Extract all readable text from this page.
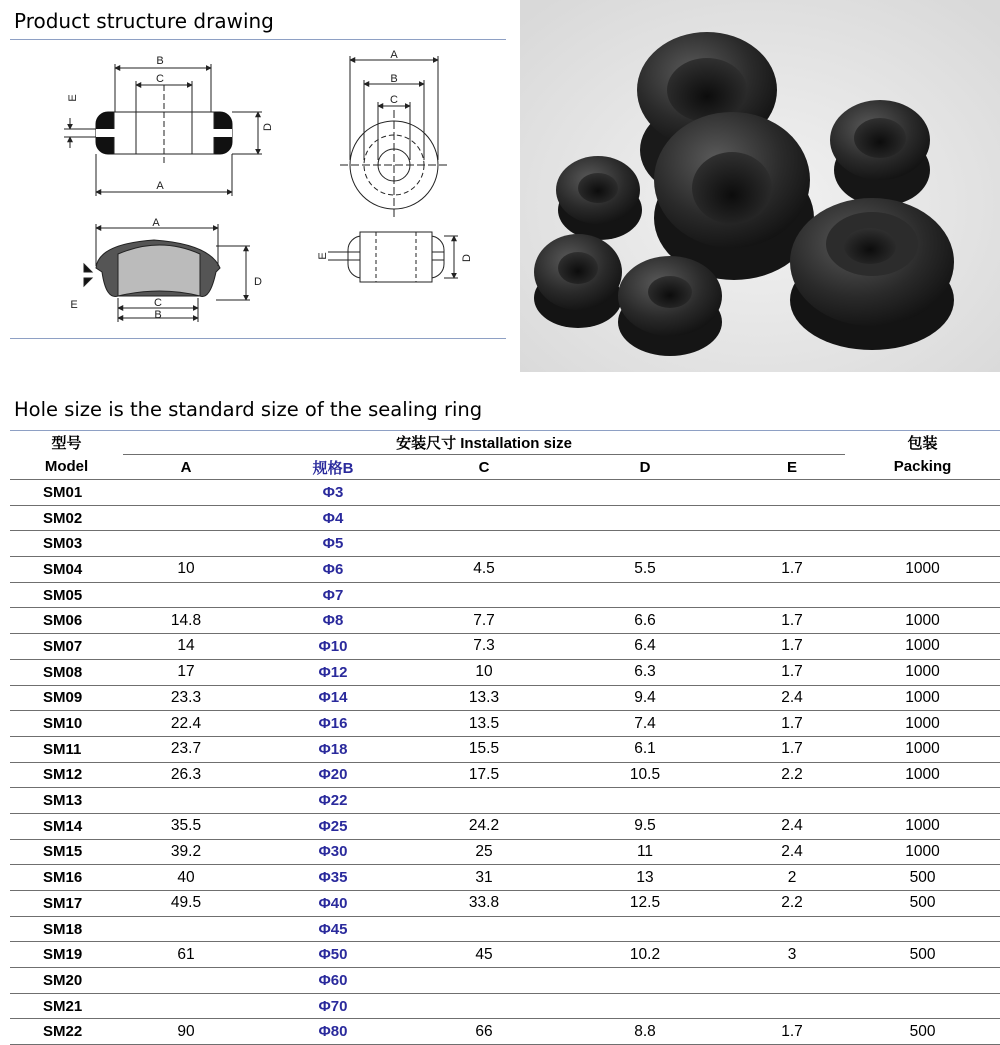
Product structure drawing
B
C
A
D
E
A
B
C
A
C
B
D
E
D
E
Hole size is the standard size of the sealing ring
型号	安装尺寸 Installation size					包装
Model	A	规格B	C	D	E	Packing
SM01		Φ3				
SM02		Φ4				
SM03		Φ5				
SM04	10	Φ6	4.5	5.5	1.7	1000
SM05		Φ7				
SM06	14.8	Φ8	7.7	6.6	1.7	1000
SM07	14	Φ10	7.3	6.4	1.7	1000
SM08	17	Φ12	10	6.3	1.7	1000
SM09	23.3	Φ14	13.3	9.4	2.4	1000
SM10	22.4	Φ16	13.5	7.4	1.7	1000
SM11	23.7	Φ18	15.5	6.1	1.7	1000
SM12	26.3	Φ20	17.5	10.5	2.2	1000
SM13		Φ22				
SM14	35.5	Φ25	24.2	9.5	2.4	1000
SM15	39.2	Φ30	25	11	2.4	1000
SM16	40	Φ35	31	13	2	500
SM17	49.5	Φ40	33.8	12.5	2.2	500
SM18		Φ45				
SM19	61	Φ50	45	10.2	3	500
SM20		Φ60				
SM21		Φ70				
SM22	90	Φ80	66	8.8	1.7	500
